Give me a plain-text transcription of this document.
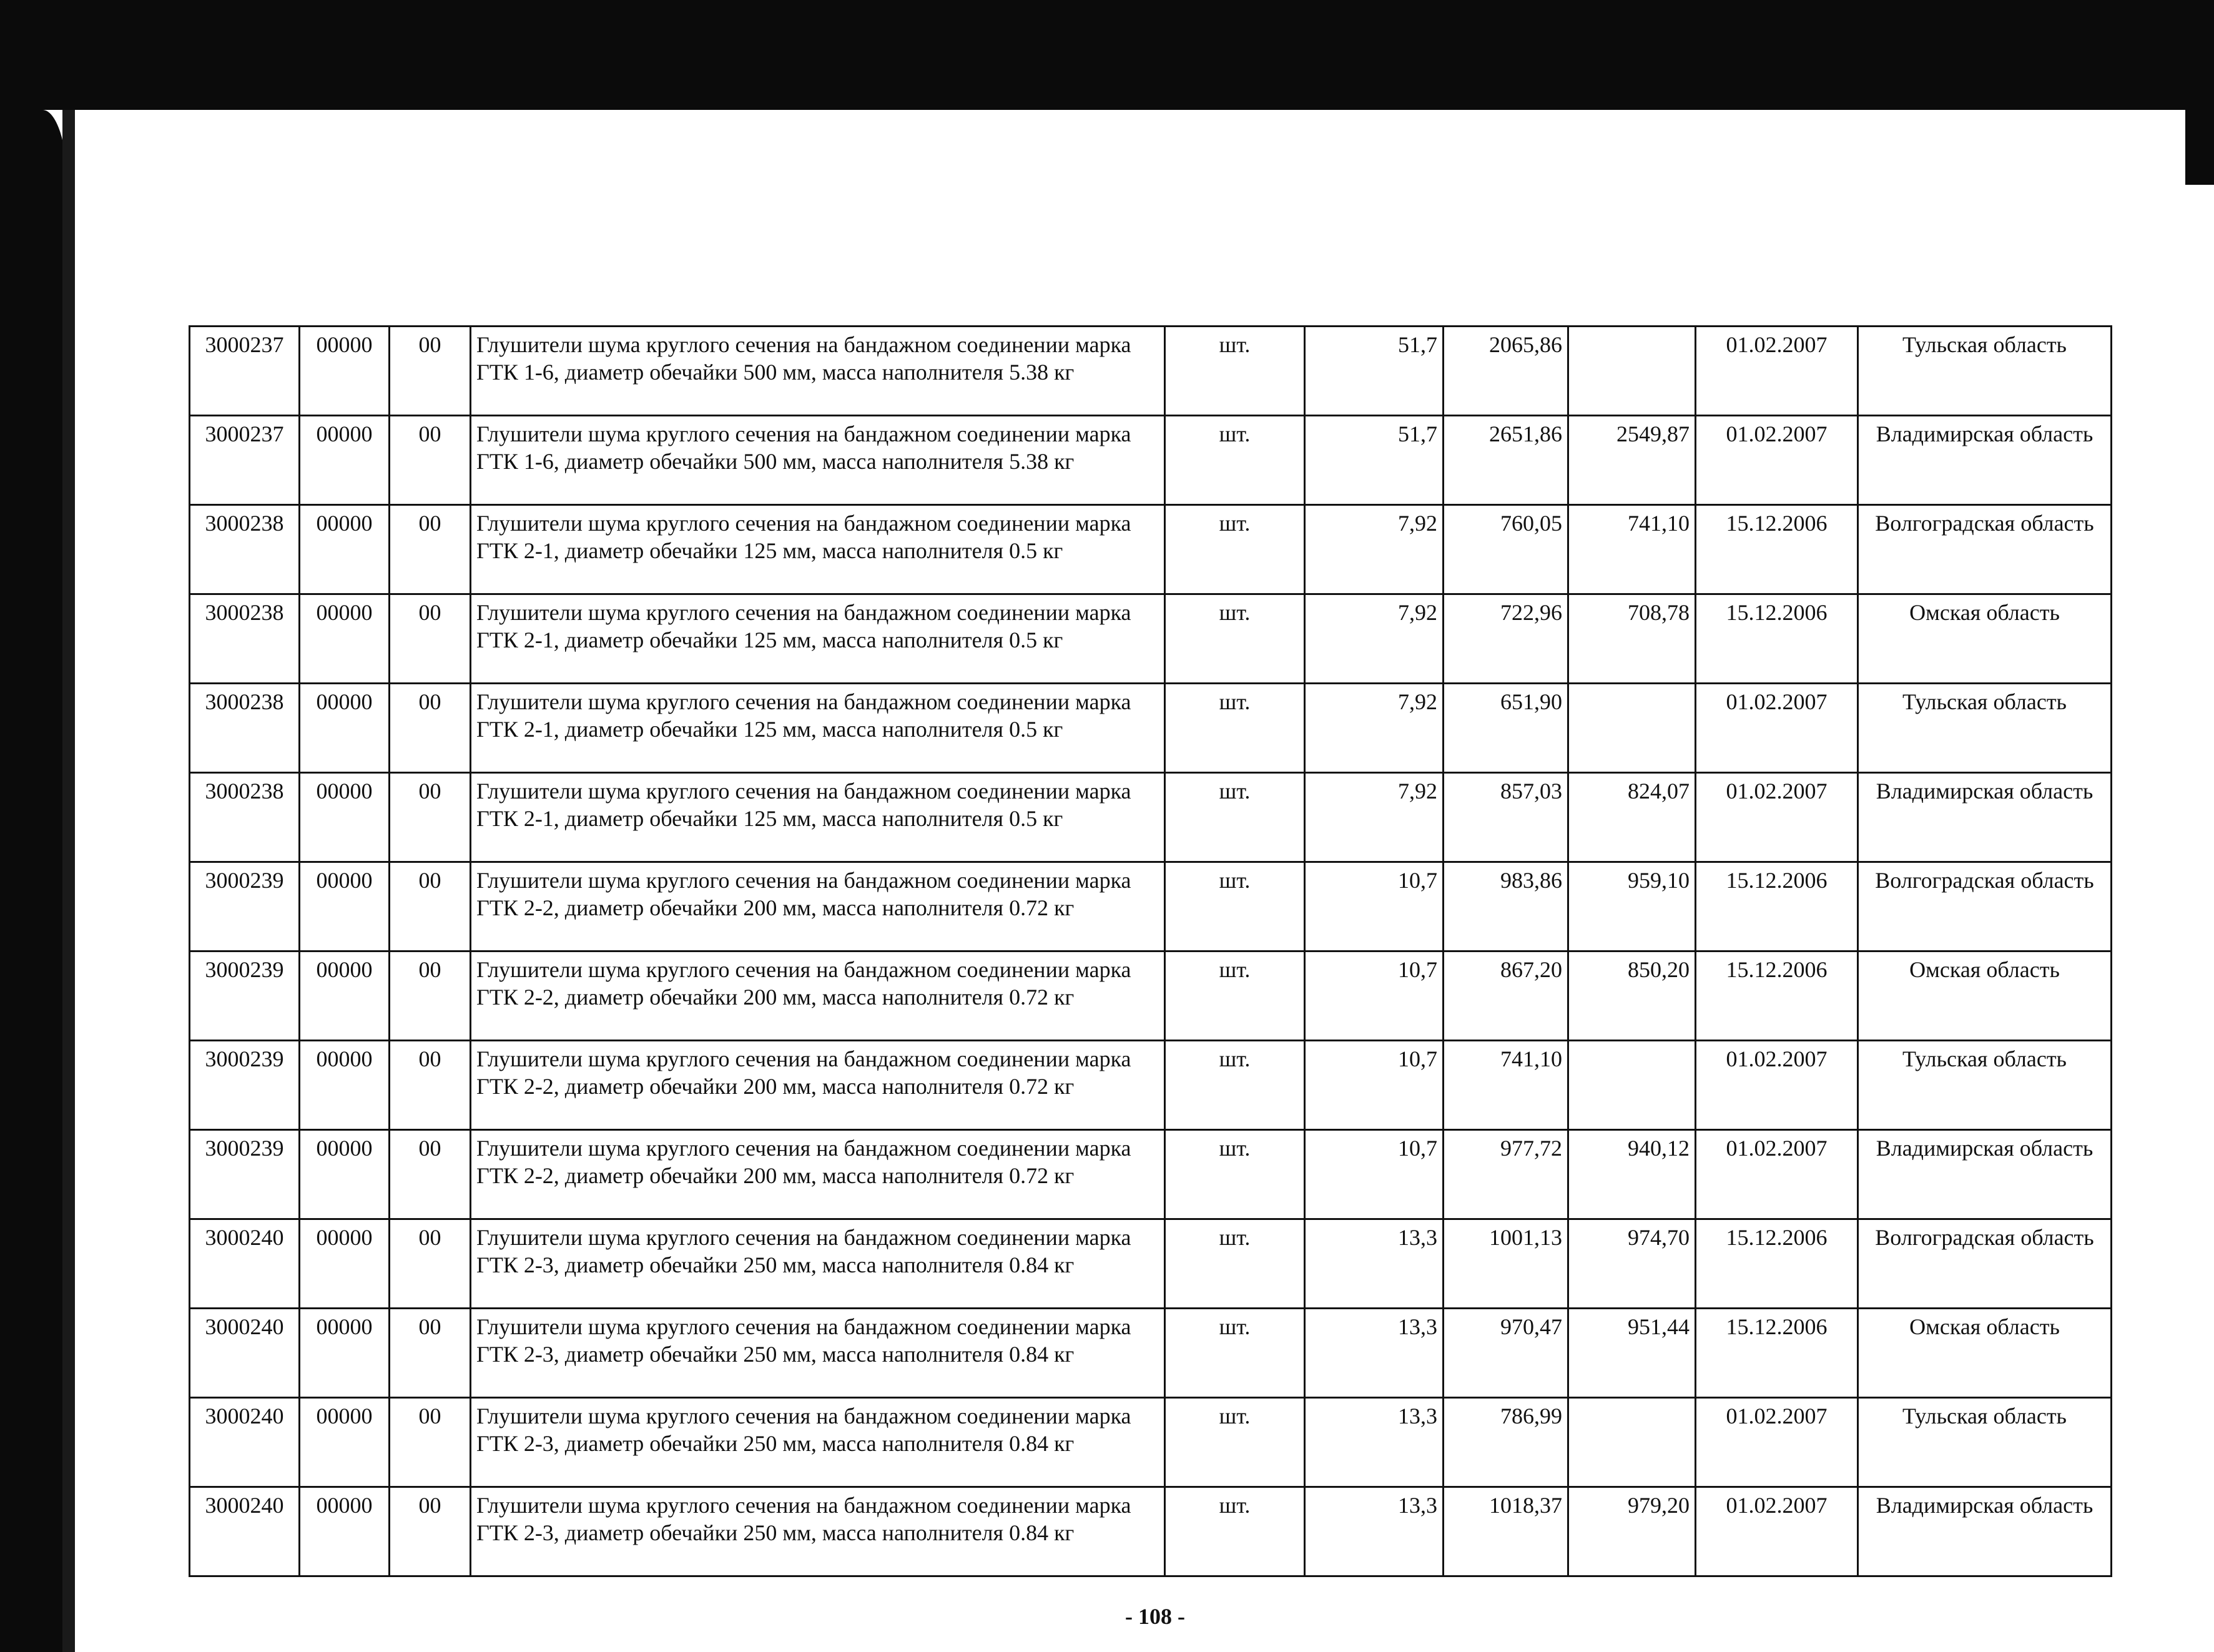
3000237	00000	00	Глушители шума круглого сечения на бандажном соединении марка ГТК 1-6, диаметр обечайки 500 мм, масса наполнителя 5.38 кг	шт.	51,7	2065,86		01.02.2007	Тульская область
3000237	00000	00	Глушители шума круглого сечения на бандажном соединении марка ГТК 1-6, диаметр обечайки 500 мм, масса наполнителя 5.38 кг	шт.	51,7	2651,86	2549,87	01.02.2007	Владимирская область
3000238	00000	00	Глушители шума круглого сечения на бандажном соединении марка ГТК 2-1, диаметр обечайки 125 мм, масса наполнителя 0.5 кг	шт.	7,92	760,05	741,10	15.12.2006	Волгоградская область
3000238	00000	00	Глушители шума круглого сечения на бандажном соединении марка ГТК 2-1, диаметр обечайки 125 мм, масса наполнителя 0.5 кг	шт.	7,92	722,96	708,78	15.12.2006	Омская область
3000238	00000	00	Глушители шума круглого сечения на бандажном соединении марка ГТК 2-1, диаметр обечайки 125 мм, масса наполнителя 0.5 кг	шт.	7,92	651,90		01.02.2007	Тульская область
3000238	00000	00	Глушители шума круглого сечения на бандажном соединении марка ГТК 2-1, диаметр обечайки 125 мм, масса наполнителя 0.5 кг	шт.	7,92	857,03	824,07	01.02.2007	Владимирская область
3000239	00000	00	Глушители шума круглого сечения на бандажном соединении марка ГТК 2-2, диаметр обечайки 200 мм, масса наполнителя 0.72 кг	шт.	10,7	983,86	959,10	15.12.2006	Волгоградская область
3000239	00000	00	Глушители шума круглого сечения на бандажном соединении марка ГТК 2-2, диаметр обечайки 200 мм, масса наполнителя 0.72 кг	шт.	10,7	867,20	850,20	15.12.2006	Омская область
3000239	00000	00	Глушители шума круглого сечения на бандажном соединении марка ГТК 2-2, диаметр обечайки 200 мм, масса наполнителя 0.72 кг	шт.	10,7	741,10		01.02.2007	Тульская область
3000239	00000	00	Глушители шума круглого сечения на бандажном соединении марка ГТК 2-2, диаметр обечайки 200 мм, масса наполнителя 0.72 кг	шт.	10,7	977,72	940,12	01.02.2007	Владимирская область
3000240	00000	00	Глушители шума круглого сечения на бандажном соединении марка ГТК 2-3, диаметр обечайки 250 мм, масса наполнителя 0.84 кг	шт.	13,3	1001,13	974,70	15.12.2006	Волгоградская область
3000240	00000	00	Глушители шума круглого сечения на бандажном соединении марка ГТК 2-3, диаметр обечайки 250 мм, масса наполнителя 0.84 кг	шт.	13,3	970,47	951,44	15.12.2006	Омская область
3000240	00000	00	Глушители шума круглого сечения на бандажном соединении марка ГТК 2-3, диаметр обечайки 250 мм, масса наполнителя 0.84 кг	шт.	13,3	786,99		01.02.2007	Тульская область
3000240	00000	00	Глушители шума круглого сечения на бандажном соединении марка ГТК 2-3, диаметр обечайки 250 мм, масса наполнителя 0.84 кг	шт.	13,3	1018,37	979,20	01.02.2007	Владимирская область
- 108 -
